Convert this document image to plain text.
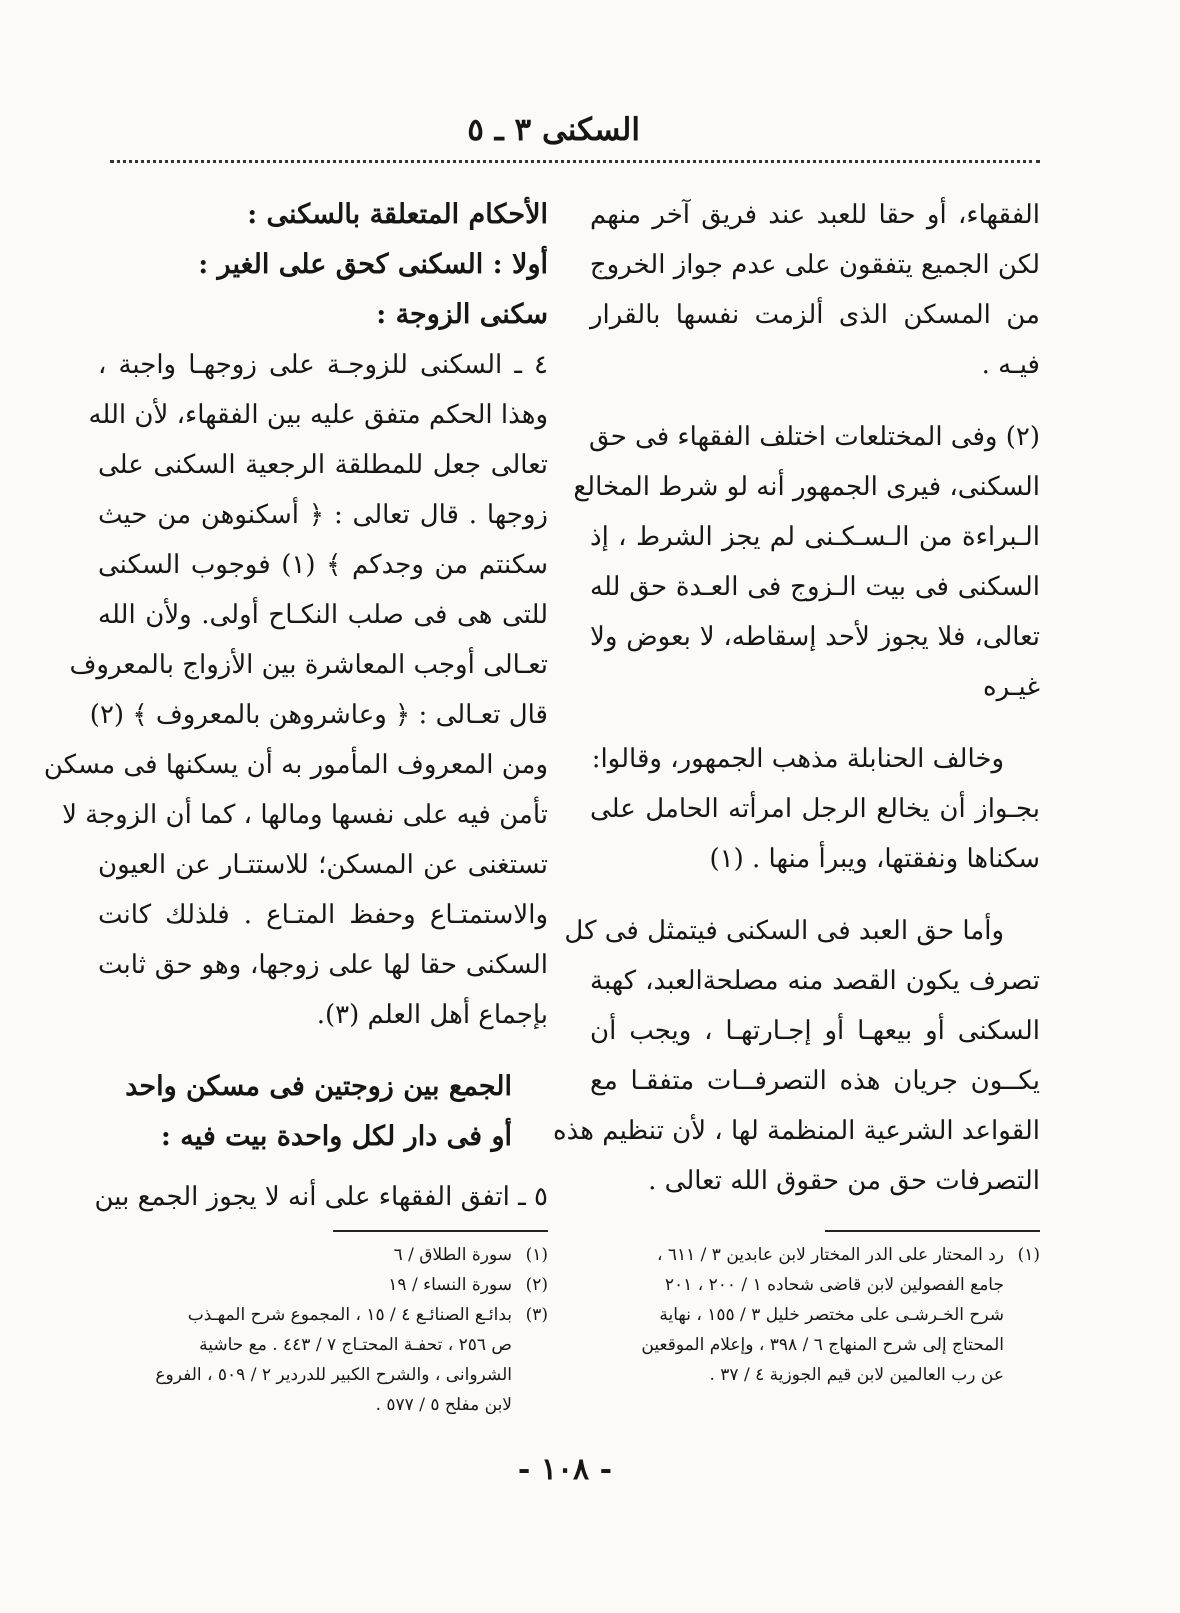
السكنى ٣ ـ ٥
الفقهاء، أو حقا للعبد عند فريق آخر منهم
لكن الجميع يتفقون على عدم جواز الخروج
من المسكن الذى ألزمت نفسها بالقرار
فيـه .
(٢) وفى المختلعات اختلف الفقهاء فى حق
السكنى، فيرى الجمهور أنه لو شرط المخالع
الـبراءة من الـسـكـنى لم يجز الشرط ، إذ
السكنى فى بيت الـزوج فى العـدة حق لله
تعالى، فلا يجوز لأحد إسقاطه، لا بعوض ولا
غيـره
وخالف الحنابلة مذهب الجمهور، وقالوا:
بجـواز أن يخالع الرجل امرأته الحامل على
سكناها ونفقتها، ويبرأ منها . (١)
وأما حق العبد فى السكنى فيتمثل فى كل
تصرف يكون القصد منه مصلحةالعبد، كهبة
السكنى أو بيعهـا أو إجـارتهـا ، ويجب أن
يكــون جريان هذه التصرفــات متفقـا مع
القواعد الشرعية المنظمة لها ، لأن تنظيم هذه
التصرفات حق من حقوق الله تعالى .
الأحكام المتعلقة بالسكنى :
أولا : السكنى كحق على الغير :
سكنى الزوجة :
٤ ـ السكنى للزوجـة على زوجهـا واجبة ،
وهذا الحكم متفق عليه بين الفقهاء، لأن الله
تعالى جعل للمطلقة الرجعية السكنى على
زوجها . قال تعالى : ﴿ أسكنوهن من حيث
سكنتم من وجدكم ﴾ (١) فوجوب السكنى
للتى هى فى صلب النكـاح أولى. ولأن الله
تعـالى أوجب المعاشرة بين الأزواج بالمعروف
قال تعـالى : ﴿ وعاشروهن بالمعروف ﴾ (٢)
ومن المعروف المأمور به أن يسكنها فى مسكن
تأمن فيه على نفسها ومالها ، كما أن الزوجة لا
تستغنى عن المسكن؛ للاستتـار عن العيون
والاستمتـاع وحفظ المتـاع . فلذلك كانت
السكنى حقا لها على زوجها، وهو حق ثابت
بإجماع أهل العلم (٣).
الجمع بين زوجتين فى مسكن واحد
أو فى دار لكل واحدة بيت فيه :
٥ ـ اتفق الفقهاء على أنه لا يجوز الجمع بين
(١)رد المحتار على الدر المختار لابن عابدين ٣ / ٦١١ ،
جامع الفصولين لابن قاضى شحاده ١ / ٢٠٠ ، ٢٠١
شرح الخـرشـى على مختصر خليل ٣ / ١٥٥ ، نهاية
المحتاج إلى شرح المنهاج ٦ / ٣٩٨ ، وإعلام الموقعين
عن رب العالمين لابن قيم الجوزية ٤ / ٣٧ .
(١)سورة الطلاق / ٦
(٢)سورة النساء / ١٩
(٣)بدائـع الصنائـع ٤ / ١٥ ، المجموع شرح المهـذب
ص ٢٥٦ ، تحفـة المحتـاج ٧ / ٤٤٣ . مع حاشية
الشروانى ، والشرح الكبير للدردير ٢ / ٥٠٩ ، الفروع
لابن مفلح ٥ / ٥٧٧ .
- ١٠٨ -
